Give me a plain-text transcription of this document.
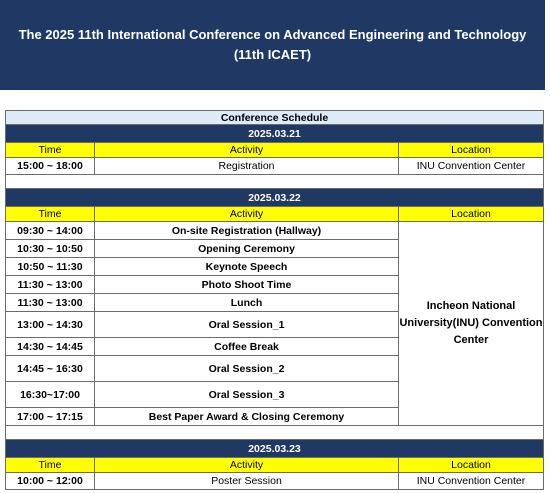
The 2025 11th International Conference on Advanced Engineering and Technology
(11th ICAET)
Conference Schedule		
2025.03.21		
Time	Activity	Location
15:00 ~ 18:00	Registration	INU Convention Center

2025.03.22		
Time	Activity	Location
09:30 ~ 14:00	On-site Registration (Hallway)	Incheon National University(INU) Convention Center
10:30 ~ 10:50	Opening Ceremony	
10:50 ~ 11:30	Keynote Speech	
11:30 ~ 13:00	Photo Shoot Time	
11:30 ~ 13:00	Lunch	
13:00 ~ 14:30	Oral Session_1	
14:30 ~ 14:45	Coffee Break	
14:45 ~ 16:30	Oral Session_2	
16:30~17:00	Oral Session_3	
17:00 ~ 17:15	Best Paper Award & Closing Ceremony	

2025.03.23		
Time	Activity	Location
10:00 ~ 12:00	Poster Session	INU Convention Center
